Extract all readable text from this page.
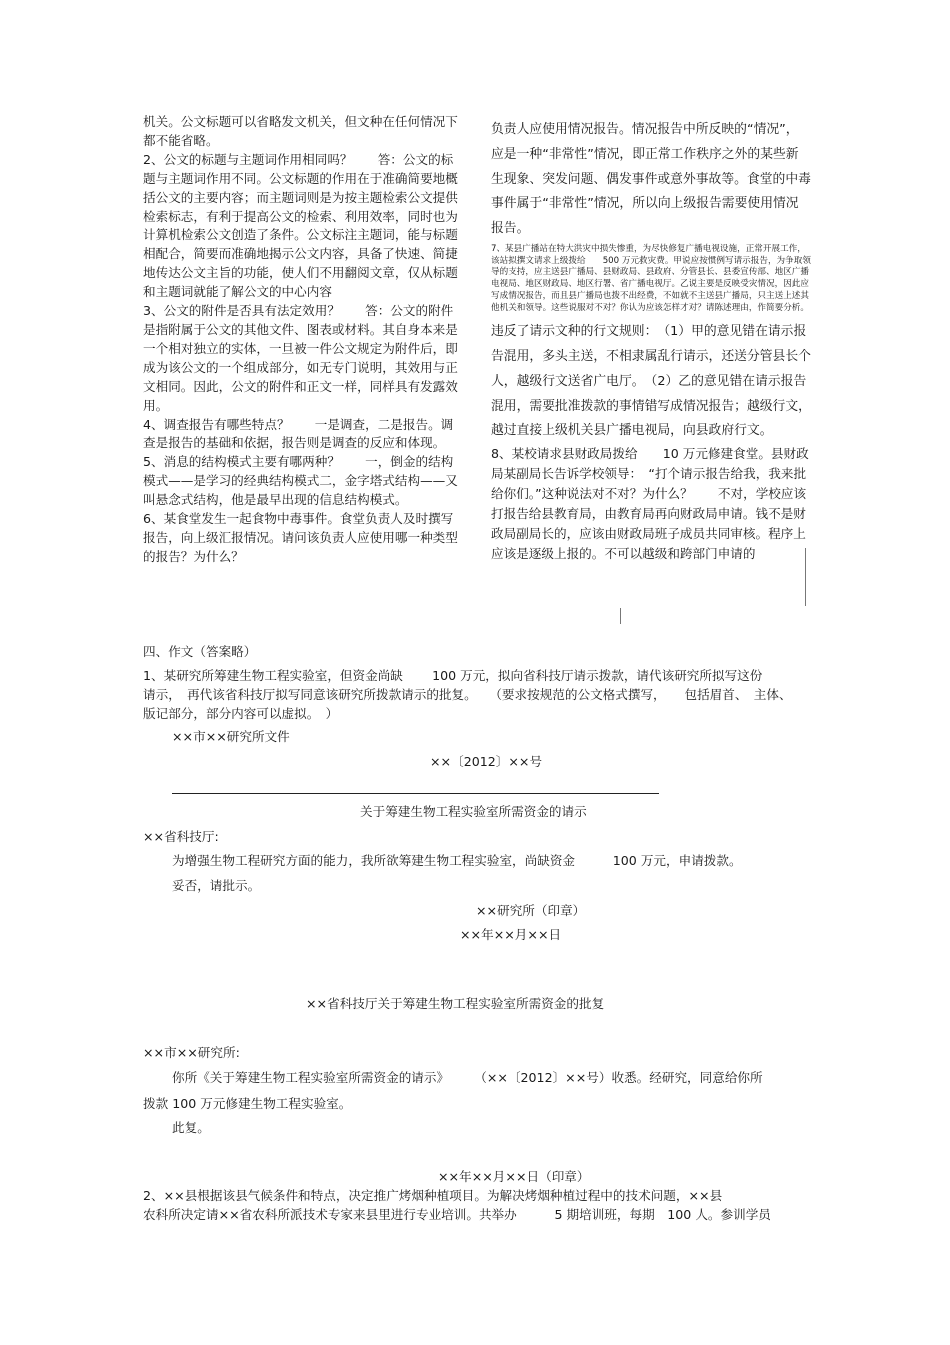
机关。公文标题可以省略发文机关，但文种在任何情况下都不能省略。

2、公文的标题与主题词作用相同吗？　　答：公文的标题与主题词作用不同。公文标题的作用在于准确简要地概括公文的主要内容；而主题词则是为按主题检索公文提供检索标志，有利于提高公文的检索、利用效率，同时也为计算机检索公文创造了条件。公文标注主题词，能与标题相配合，简要而准确地揭示公文内容，具备了快速、简捷地传达公文主旨的功能，使人们不用翻阅文章，仅从标题和主题词就能了解公文的中心内容

3、公文的附件是否具有法定效用？　　答：公文的附件是指附属于公文的其他文件、图表或材料。其自身本来是一个相对独立的实体，一旦被一件公文规定为附件后，即成为该公文的一个组成部分，如无专门说明，其效用与正文相同。因此，公文的附件和正文一样，同样具有发露效用。

4、调查报告有哪些特点？　　一是调查，二是报告。调查是报告的基础和依据，报告则是调查的反应和体现。

5、消息的结构模式主要有哪两种？　　一，倒金的结构模式——是学习的经典结构模式二，金字塔式结构——又叫悬念式结构，他是最早出现的信息结构模式。

6、某食堂发生一起食物中毒事件。食堂负责人及时撰写报告，向上级汇报情况。请问该负责人应使用哪一种类型的报告？为什么？

负责人应使用情况报告。情况报告中所反映的“情况”，应是一种“非常性”情况，即正常工作秩序之外的某些新生现象、突发问题、偶发事件或意外事故等。食堂的中毒事件属于“非常性”情况，所以向上级报告需要使用情况报告。

7、某县广播站在特大洪灾中损失惨重，为尽快修复广播电视设施，正常开展工作，该站拟撰文请求上级拨给　　500 万元救灾费。甲说应按惯例写请示报告，为争取领导的支持，应主送县广播局、县财政局、县政府、分管县长、县委宣传部、地区广播电视局、地区财政局、地区行署、省广播电视厅。乙说主要是反映受灾情况，因此应写成情况报告，而且县广播局也拨不出经费，不如就不主送县广播局，只主送上述其他机关和领导。这些说服对不对？你认为应该怎样才对？请陈述理由，作简要分析。

违反了请示文种的行文规则：　（1）甲的意见错在请示报告混用，多头主送，不相隶属乱行请示，还送分管县长个人，越级行文送省广电厅。　（2）乙的意见错在请示报告混用，需要批准拨款的事情错写成情况报告；越级行文，越过直接上级机关县广播电视局，向县政府行文。

8、某校请求县财政局拨给　　10 万元修建食堂。县财政局某副局长告诉学校领导：　“打个请示报告给我，我来批给你们。”这种说法对不对？为什么？　　不对，学校应该打报告给县教育局，由教育局再向财政局申请。钱不是财政局副局长的，应该由财政局班子成员共同审核。程序上应该是逐级上报的。不可以越级和跨部门申请的

四、作文（答案略）
1、某研究所筹建生物工程实验室，但资金尚缺　　 100 万元，拟向省科技厅请示拨款，请代该研究所拟写这份
请示，　再代该省科技厅拟写同意该研究所拨款请示的批复。　　（要求按规范的公文格式撰写，　　包括眉首、　主体、
版记部分，部分内容可以虚拟。　）
××市××研究所文件
××〔2012〕××号
关于筹建生物工程实验室所需资金的请示
××省科技厅:
为增强生物工程研究方面的能力，我所欲筹建生物工程实验室，尚缺资金　　　100 万元，申请拨款。
妥否，请批示。
××研究所（印章）
××年××月××日
××省科技厅关于筹建生物工程实验室所需资金的批复
××市××研究所:
你所《关于筹建生物工程实验室所需资金的请示》　　　（××〔2012〕××号）收悉。经研究，同意给你所
拨款 100 万元修建生物工程实验室。
此复。
××年××月××日（印章）
2、××县根据该县气候条件和特点，决定推广烤烟种植项目。为解决烤烟种植过程中的技术问题，××县
农科所决定请××省农科所派技术专家来县里进行专业培训。共举办　　　5 期培训班，每期　100 人。参训学员
